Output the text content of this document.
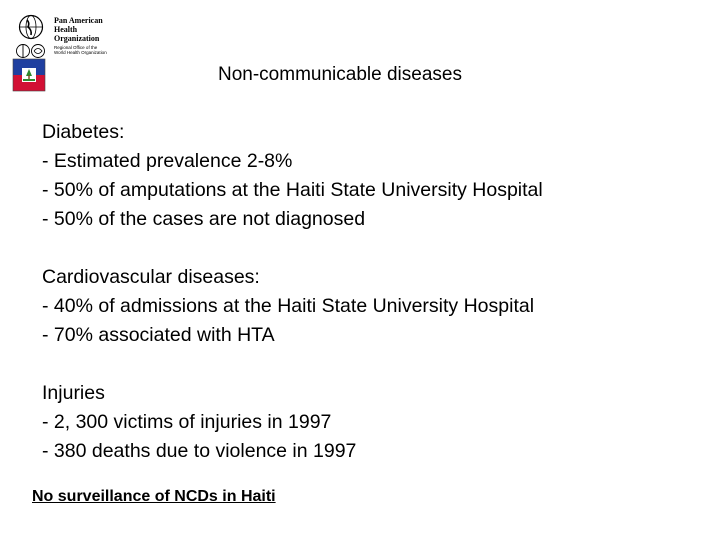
Pan American
Health
Organization
Regional Office of the
World Health Organization
Non-communicable diseases
Diabetes:
- Estimated prevalence 2-8%
- 50% of amputations at the Haiti State University Hospital
- 50% of the cases are not diagnosed
Cardiovascular diseases:
- 40% of admissions at the Haiti State University Hospital
- 70% associated with HTA
Injuries
- 2, 300 victims of injuries in 1997
- 380 deaths due to violence in 1997
No surveillance of NCDs in Haiti
